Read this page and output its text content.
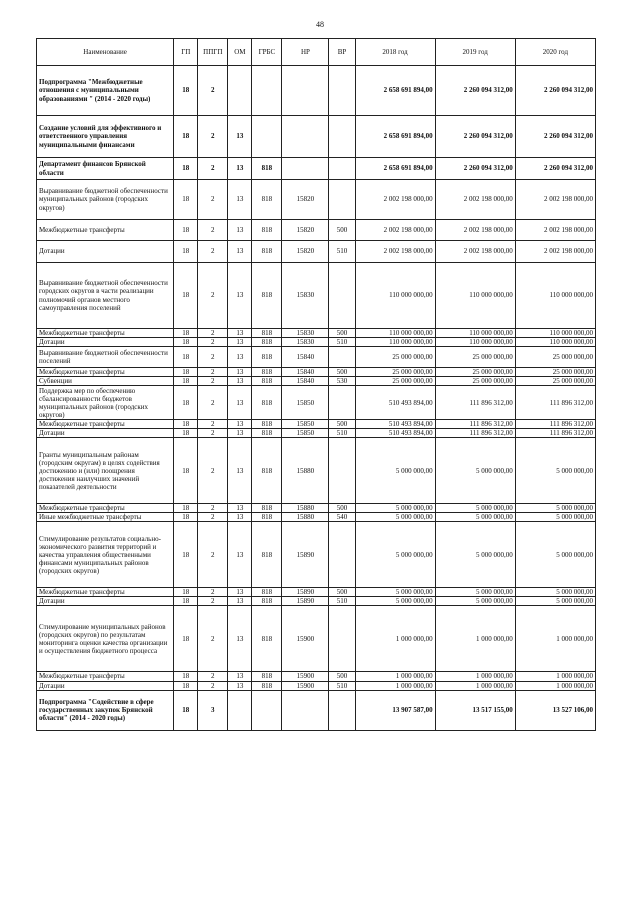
48
Наименование	ГП	ППГП	ОМ	ГРБС	НР	ВР	2018 год	2019 год	2020 год
Подпрограмма "Межбюджетные отношения с муниципальными образованиями " (2014 - 2020 годы)	18	2					2 658 691 894,00	2 260 094 312,00	2 260 094 312,00
Создание условий для эффективного и ответственного управления муниципальными финансами	18	2	13				2 658 691 894,00	2 260 094 312,00	2 260 094 312,00
Департамент финансов Брянской области	18	2	13	818			2 658 691 894,00	2 260 094 312,00	2 260 094 312,00
Выравнивание бюджетной обеспеченности муниципальных районов (городских округов)	18	2	13	818	15820		2 002 198 000,00	2 002 198 000,00	2 002 198 000,00
Межбюджетные трансферты	18	2	13	818	15820	500	2 002 198 000,00	2 002 198 000,00	2 002 198 000,00
Дотации	18	2	13	818	15820	510	2 002 198 000,00	2 002 198 000,00	2 002 198 000,00
Выравнивание бюджетной обеспеченности городских округов в части реализации полномочий органов местного самоуправления поселений	18	2	13	818	15830		110 000 000,00	110 000 000,00	110 000 000,00
Межбюджетные трансферты	18	2	13	818	15830	500	110 000 000,00	110 000 000,00	110 000 000,00
Дотации	18	2	13	818	15830	510	110 000 000,00	110 000 000,00	110 000 000,00
Выравнивание бюджетной обеспеченности поселений	18	2	13	818	15840		25 000 000,00	25 000 000,00	25 000 000,00
Межбюджетные трансферты	18	2	13	818	15840	500	25 000 000,00	25 000 000,00	25 000 000,00
Субвенции	18	2	13	818	15840	530	25 000 000,00	25 000 000,00	25 000 000,00
Поддержка мер по обеспечению сбалансированности бюджетов муниципальных районов (городских округов)	18	2	13	818	15850		510 493 894,00	111 896 312,00	111 896 312,00
Межбюджетные трансферты	18	2	13	818	15850	500	510 493 894,00	111 896 312,00	111 896 312,00
Дотации	18	2	13	818	15850	510	510 493 894,00	111 896 312,00	111 896 312,00
Гранты муниципальным районам (городским округам) в целях содействия достижению и (или) поощрения достижения наилучших значений показателей деятельности	18	2	13	818	15880		5 000 000,00	5 000 000,00	5 000 000,00
Межбюджетные трансферты	18	2	13	818	15880	500	5 000 000,00	5 000 000,00	5 000 000,00
Иные межбюджетные трансферты	18	2	13	818	15880	540	5 000 000,00	5 000 000,00	5 000 000,00
Стимулирование результатов социально-экономического развития территорий и качества управления общественными финансами муниципальных районов (городских округов)	18	2	13	818	15890		5 000 000,00	5 000 000,00	5 000 000,00
Межбюджетные трансферты	18	2	13	818	15890	500	5 000 000,00	5 000 000,00	5 000 000,00
Дотации	18	2	13	818	15890	510	5 000 000,00	5 000 000,00	5 000 000,00
Стимулирование муниципальных районов (городских округов) по результатам мониторинга оценки качества организации и осуществления бюджетного процесса	18	2	13	818	15900		1 000 000,00	1 000 000,00	1 000 000,00
Межбюджетные трансферты	18	2	13	818	15900	500	1 000 000,00	1 000 000,00	1 000 000,00
Дотации	18	2	13	818	15900	510	1 000 000,00	1 000 000,00	1 000 000,00
Подпрограмма "Содействие в сфере государственных закупок Брянской области" (2014 - 2020 годы)	18	3					13 907 587,00	13 517 155,00	13 527 106,00
